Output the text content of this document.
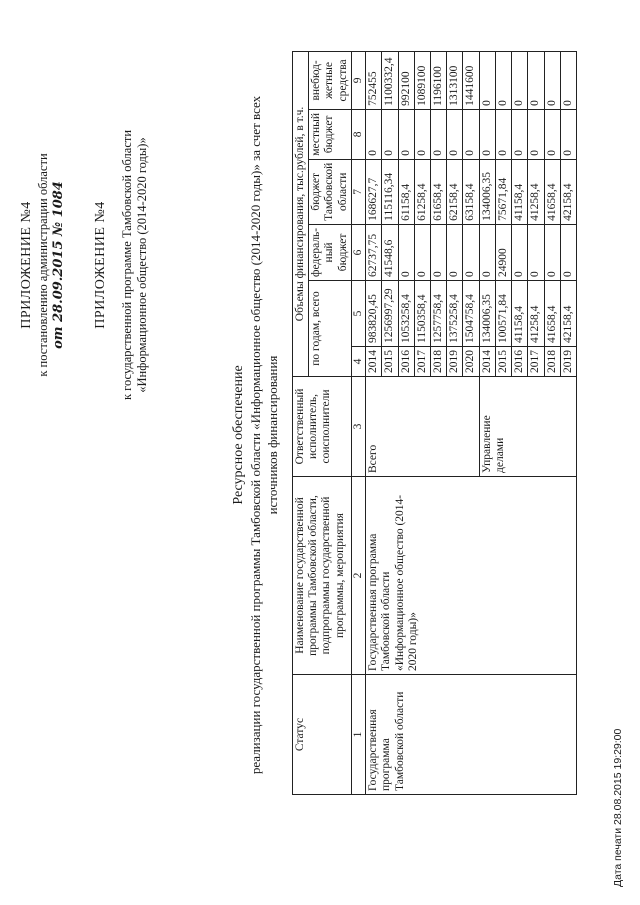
ПРИЛОЖЕНИЕ №4 к постановлению администрации области от 28.09.2015 № 1084 ПРИЛОЖЕНИЕ №4 к государственной программе Тамбовской области «Информационное общество (2014-2020 годы)»
Ресурсное обеспечение реализации государственной программы Тамбовской области «Информационное общество (2014-2020 годы)» за счет всех источников финансирования
Статус	Наименование государственной программы Тамбовской области, подпрограммы государственной программы, мероприятия	Ответственный исполнитель, соисполнители	Объемы финансирования, тыс.рублей, в т.ч.					
			по годам, всего		федераль-ный бюджет	бюджет Тамбовской области	местный бюджет	внебюд-жетные средства
1	2	3	4	5	6	7	8	9
Государственная программа Тамбовской области	Государственная программа Тамбовской области «Информационное общество (2014-2020 годы)»	Всего	2014	983820,45	62737,75	168627,7	0	752455
			2015	1256997,29	41548,6	115116,34	0	1100332,4
			2016	1053258,4	0	61158,4	0	992100
			2017	1150358,4	0	61258,4	0	1089100
			2018	1257758,4	0	61658,4	0	1196100
			2019	1375258,4	0	62158,4	0	1313100
			2020	1504758,4	0	63158,4	0	1441600
		Управление делами	2014	134006,35	0	134006,35	0	0
			2015	100571,84	24900	75671,84	0	0
			2016	41158,4	0	41158,4	0	0
			2017	41258,4	0	41258,4	0	0
			2018	41658,4	0	41658,4	0	0
			2019	42158,4	0	42158,4	0	0
Дата печати 28.08.2015 19:29:00
